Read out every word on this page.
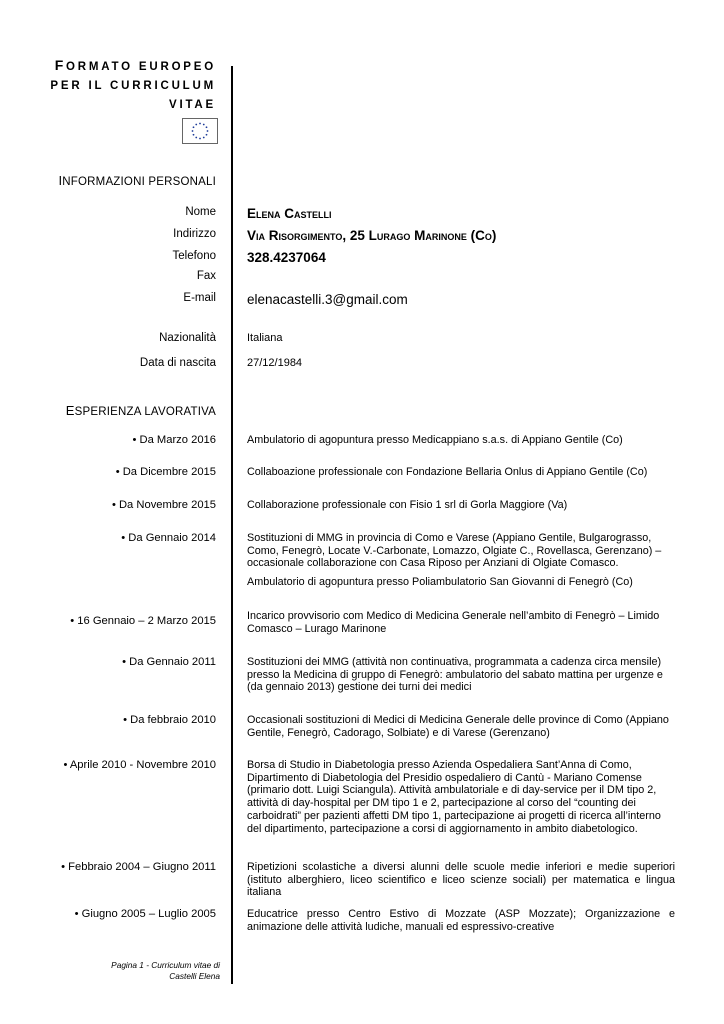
FORMATO EUROPEO
PER IL CURRICULUM
VITAE
INFORMAZIONI PERSONALI
Nome Elena Castelli
Indirizzo Via Risorgimento, 25 Lurago Marinone (Co)
Telefono 328.4237064
Fax
E-mail elenacastelli.3@gmail.com
Nazionalità	Italiana
Data di nascita	27/12/1984
ESPERIENZA LAVORATIVA
• Da Marzo 2016	Ambulatorio di agopuntura presso Medicappiano s.a.s. di Appiano Gentile (Co)
• Da Dicembre 2015	Collaboazione professionale con Fondazione Bellaria Onlus di Appiano Gentile (Co)
• Da Novembre 2015	Collaborazione professionale con Fisio 1 srl di Gorla Maggiore (Va)
• Da Gennaio 2014	Sostituzioni di MMG in provincia di Como e Varese (Appiano Gentile, Bulgarograsso, Como, Fenegrò, Locate V.-Carbonate, Lomazzo, Olgiate C., Rovellasca, Gerenzano) – occasionale collaborazione con Casa Riposo per Anziani di Olgiate Comasco.
Ambulatorio di agopuntura presso Poliambulatorio San Giovanni di Fenegrò (Co)
• 16 Gennaio – 2 Marzo 2015	Incarico provvisorio com Medico di Medicina Generale nell’ambito di Fenegrò – Limido Comasco – Lurago Marinone
• Da Gennaio 2011	Sostituzioni dei MMG (attività non continuativa, programmata a cadenza circa mensile) presso la Medicina di gruppo di Fenegrò: ambulatorio del sabato mattina per urgenze e (da gennaio 2013) gestione dei turni dei medici
• Da febbraio 2010	Occasionali sostituzioni di Medici di Medicina Generale delle province di Como (Appiano Gentile, Fenegrò, Cadorago, Solbiate) e di Varese (Gerenzano)
• Aprile 2010 - Novembre 2010	Borsa di Studio in Diabetologia presso Azienda Ospedaliera Sant’Anna di Como, Dipartimento di Diabetologia del Presidio ospedaliero di Cantù - Mariano Comense (primario dott. Luigi Sciangula). Attività ambulatoriale e di day-service per il DM tipo 2, attività di day-hospital per DM tipo 1 e 2, partecipazione al corso del “counting dei carboidrati” per pazienti affetti DM tipo 1, partecipazione ai progetti di ricerca all’interno del dipartimento, partecipazione a corsi di aggiornamento in ambito diabetologico.
• Febbraio 2004 – Giugno 2011	Ripetizioni scolastiche a diversi alunni delle scuole medie inferiori e medie superiori (istituto alberghiero, liceo scientifico e liceo scienze sociali) per matematica e lingua italiana
• Giugno 2005 – Luglio 2005	Educatrice presso Centro Estivo di Mozzate (ASP Mozzate); Organizzazione e animazione delle attività ludiche, manuali ed espressivo-creative
Pagina 1 - Curriculum vitae di
Castelli Elena
